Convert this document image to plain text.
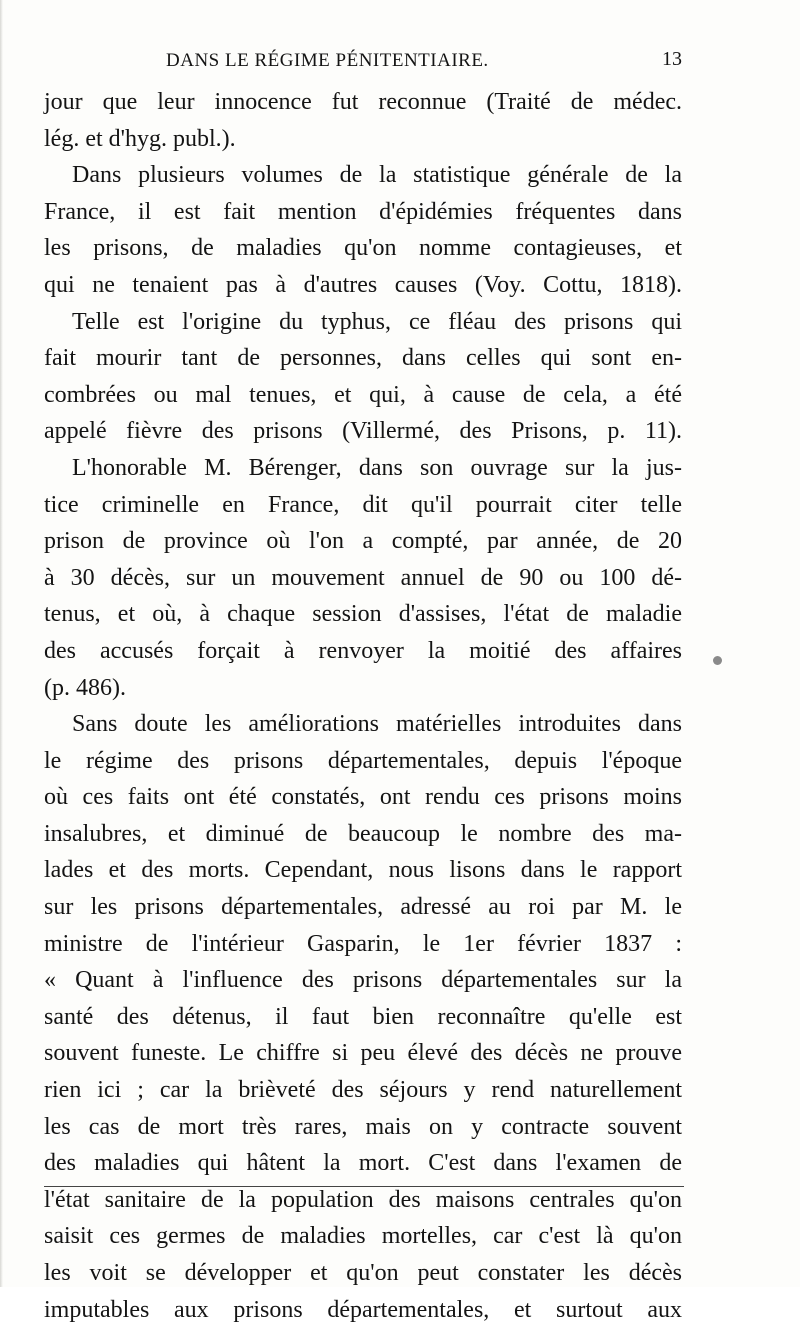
DANS LE RÉGIME PÉNITENTIAIRE.	13
jour que leur innocence fut reconnue (Traité de médec.
lég. et d'hyg. publ.).
Dans plusieurs volumes de la statistique générale de la
France, il est fait mention d'épidémies fréquentes dans
les prisons, de maladies qu'on nomme contagieuses, et
qui ne tenaient pas à d'autres causes (Voy. Cottu, 1818).
Telle est l'origine du typhus, ce fléau des prisons qui
fait mourir tant de personnes, dans celles qui sont en-
combrées ou mal tenues, et qui, à cause de cela, a été
appelé fièvre des prisons (Villermé, des Prisons, p. 11).
L'honorable M. Bérenger, dans son ouvrage sur la jus-
tice criminelle en France, dit qu'il pourrait citer telle
prison de province où l'on a compté, par année, de 20
à 30 décès, sur un mouvement annuel de 90 ou 100 dé-
tenus, et où, à chaque session d'assises, l'état de maladie
des accusés forçait à renvoyer la moitié des affaires
(p. 486).
Sans doute les améliorations matérielles introduites dans
le régime des prisons départementales, depuis l'époque
où ces faits ont été constatés, ont rendu ces prisons moins
insalubres, et diminué de beaucoup le nombre des ma-
lades et des morts. Cependant, nous lisons dans le rapport
sur les prisons départementales, adressé au roi par M. le
ministre de l'intérieur Gasparin, le 1er février 1837 :
« Quant à l'influence des prisons départementales sur la
santé des détenus, il faut bien reconnaître qu'elle est
souvent funeste. Le chiffre si peu élevé des décès ne prouve
rien ici ; car la brièveté des séjours y rend naturellement
les cas de mort très rares, mais on y contracte souvent
des maladies qui hâtent la mort. C'est dans l'examen de
l'état sanitaire de la population des maisons centrales qu'on
saisit ces germes de maladies mortelles, car c'est là qu'on
les voit se développer et qu'on peut constater les décès
imputables aux prisons départementales, et surtout aux
